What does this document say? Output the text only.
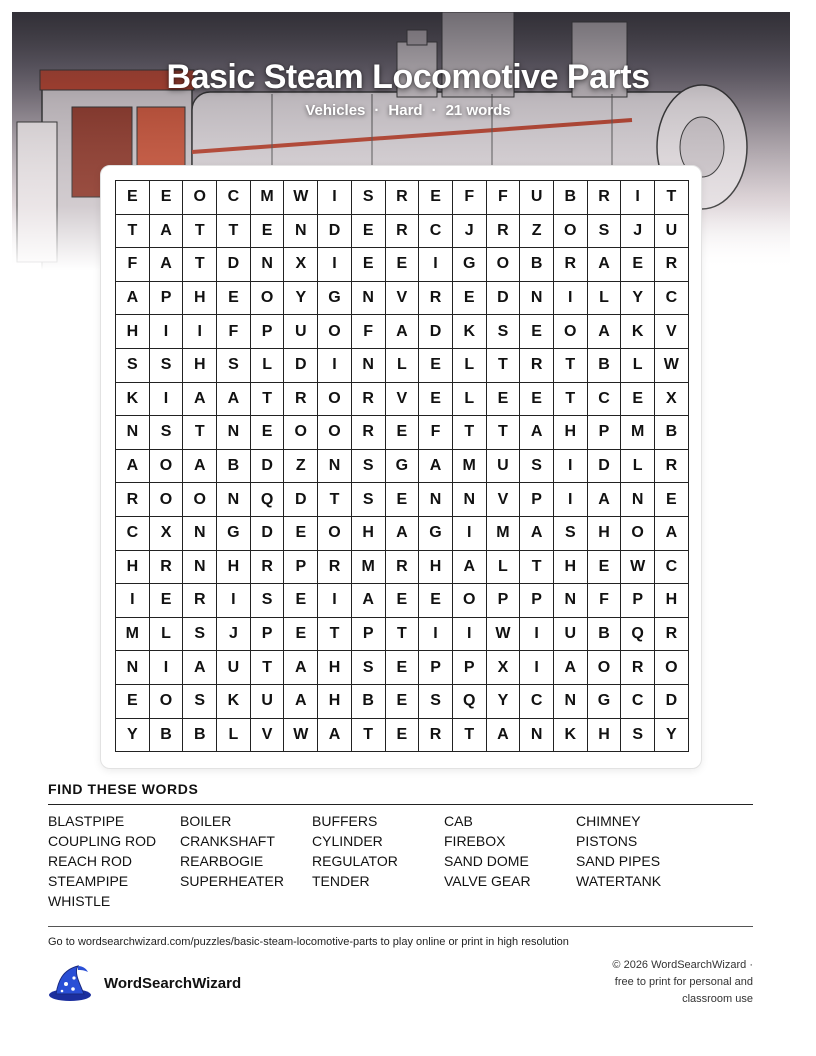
Basic Steam Locomotive Parts
Vehicles · Hard · 21 words
E	E	O	C	M	W	I	S	R	E	F	F	U	B	R	I	T
T	A	T	T	E	N	D	E	R	C	J	R	Z	O	S	J	U
F	A	T	D	N	X	I	E	E	I	G	O	B	R	A	E	R
A	P	H	E	O	Y	G	N	V	R	E	D	N	I	L	Y	C
H	I	I	F	P	U	O	F	A	D	K	S	E	O	A	K	V
S	S	H	S	L	D	I	N	L	E	L	T	R	T	B	L	W
K	I	A	A	T	R	O	R	V	E	L	E	E	T	C	E	X
N	S	T	N	E	O	O	R	E	F	T	T	A	H	P	M	B
A	O	A	B	D	Z	N	S	G	A	M	U	S	I	D	L	R
R	O	O	N	Q	D	T	S	E	N	N	V	P	I	A	N	E
C	X	N	G	D	E	O	H	A	G	I	M	A	S	H	O	A
H	R	N	H	R	P	R	M	R	H	A	L	T	H	E	W	C
I	E	R	I	S	E	I	A	E	E	O	P	P	N	F	P	H
M	L	S	J	P	E	T	P	T	I	I	W	I	U	B	Q	R
N	I	A	U	T	A	H	S	E	P	P	X	I	A	O	R	O
E	O	S	K	U	A	H	B	E	S	Q	Y	C	N	G	C	D
Y	B	B	L	V	W	A	T	E	R	T	A	N	K	H	S	Y
FIND THESE WORDS
BLASTPIPE	BOILER	BUFFERS	CAB	CHIMNEY
COUPLING ROD	CRANKSHAFT	CYLINDER	FIREBOX	PISTONS
REACH ROD	REARBOGIE	REGULATOR	SAND DOME	SAND PIPES
STEAMPIPE	SUPERHEATER	TENDER	VALVE GEAR	WATERTANK
WHISTLE
Go to wordsearchwizard.com/puzzles/basic-steam-locomotive-parts to play online or print in high resolution
WordSearchWizard
© 2026 WordSearchWizard ·
free to print for personal and
classroom use
